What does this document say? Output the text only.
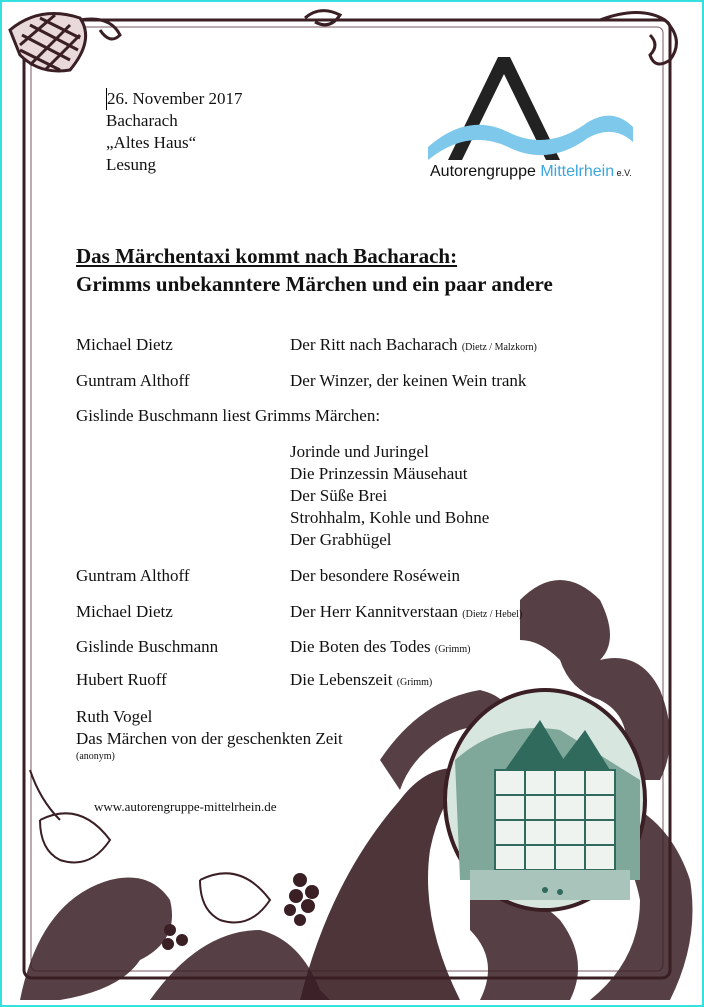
26. November 2017
Bacharach
„Altes Haus“
Lesung	Autorengruppe Mittelrhein e.V.
Das Märchentaxi kommt nach Bacharach:
Grimms unbekanntere Märchen und ein paar andere
Michael Dietz	Der Ritt nach Bacharach (Dietz / Malzkorn)
Guntram Althoff	Der Winzer, der keinen Wein trank
Gislinde Buschmann liest Grimms Märchen:
Jorinde und Juringel
Die Prinzessin Mäusehaut
Der Süße Brei
Strohhalm, Kohle und Bohne
Der Grabhügel
Guntram Althoff	Der besondere Roséwein
Michael Dietz	Der Herr Kannitverstaan (Dietz / Hebel)
Gislinde Buschmann	Die Boten des Todes (Grimm)
Hubert Ruoff	Die Lebenszeit (Grimm)
Ruth Vogel
Das Märchen von der geschenkten Zeit
(anonym)
www.autorengruppe-mittelrhein.de
